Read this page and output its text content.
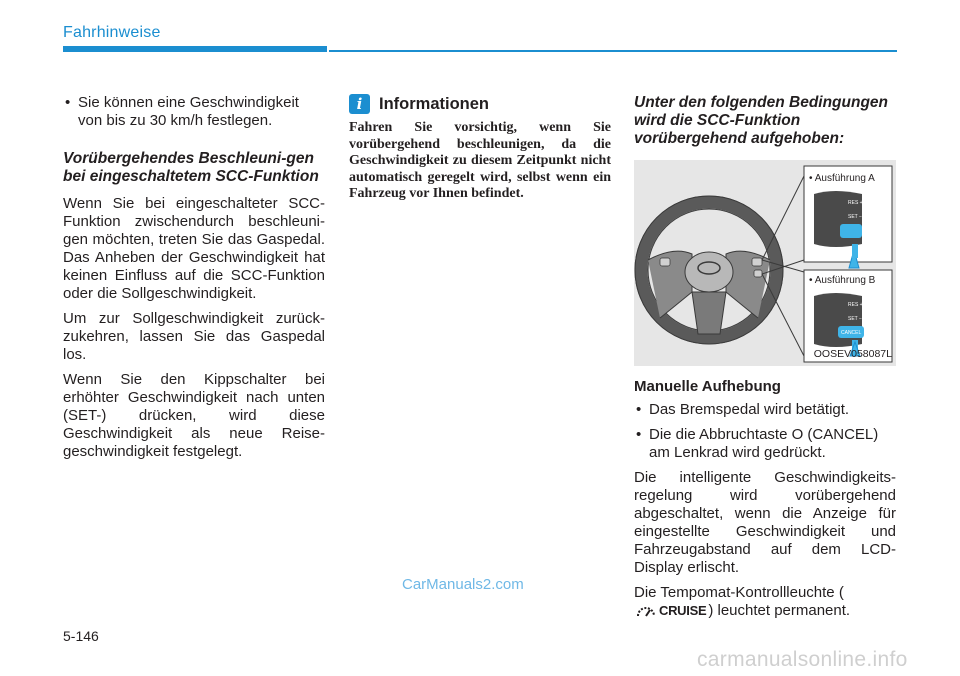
Fahrhinweise
• Sie können eine Geschwindigkeit von bis zu 30 km/h festlegen.
Vorübergehendes Beschleuni-gen bei eingeschaltetem SCC-Funktion

Wenn Sie bei eingeschalteter SCC-Funktion zwischendurch beschleuni-gen möchten, treten Sie das Gaspedal. Das Anheben der Geschwindigkeit hat keinen Einfluss auf die SCC-Funktion oder die Sollgeschwindigkeit.

Um zur Sollgeschwindigkeit zurück-zukehren, lassen Sie das Gaspedal los.

Wenn Sie den Kippschalter bei erhöhter Geschwindigkeit nach unten (SET-) drücken, wird diese Geschwindigkeit als neue Reise-geschwindigkeit festgelegt.

i	Informationen

Fahren Sie vorsichtig, wenn Sie vorübergehend beschleunigen, da die Geschwindigkeit zu diesem Zeitpunkt nicht automatisch geregelt wird, selbst wenn ein Fahrzeug vor Ihnen befindet.

Unter den folgenden Bedingungen wird die SCC-Funktion vorübergehend aufgehoben:
RES +
SET −
RES +
SET −
CANCEL
• Ausführung A
• Ausführung B
OOSEV058087L
Manuelle Aufhebung
• Das Bremspedal wird betätigt.
• Die die Abbruchtaste O (CANCEL) am Lenkrad wird gedrückt.

Die intelligente Geschwindigkeits-regelung wird vorübergehend abgeschaltet, wenn die Anzeige für eingestellte Geschwindigkeit und Fahrzeugabstand auf dem LCD-Display erlischt.

Die Tempomat-Kontrollleuchte (
CRUISE ) leuchtet permanent.

CarManuals2.com
5-146
carmanualsonline.info
